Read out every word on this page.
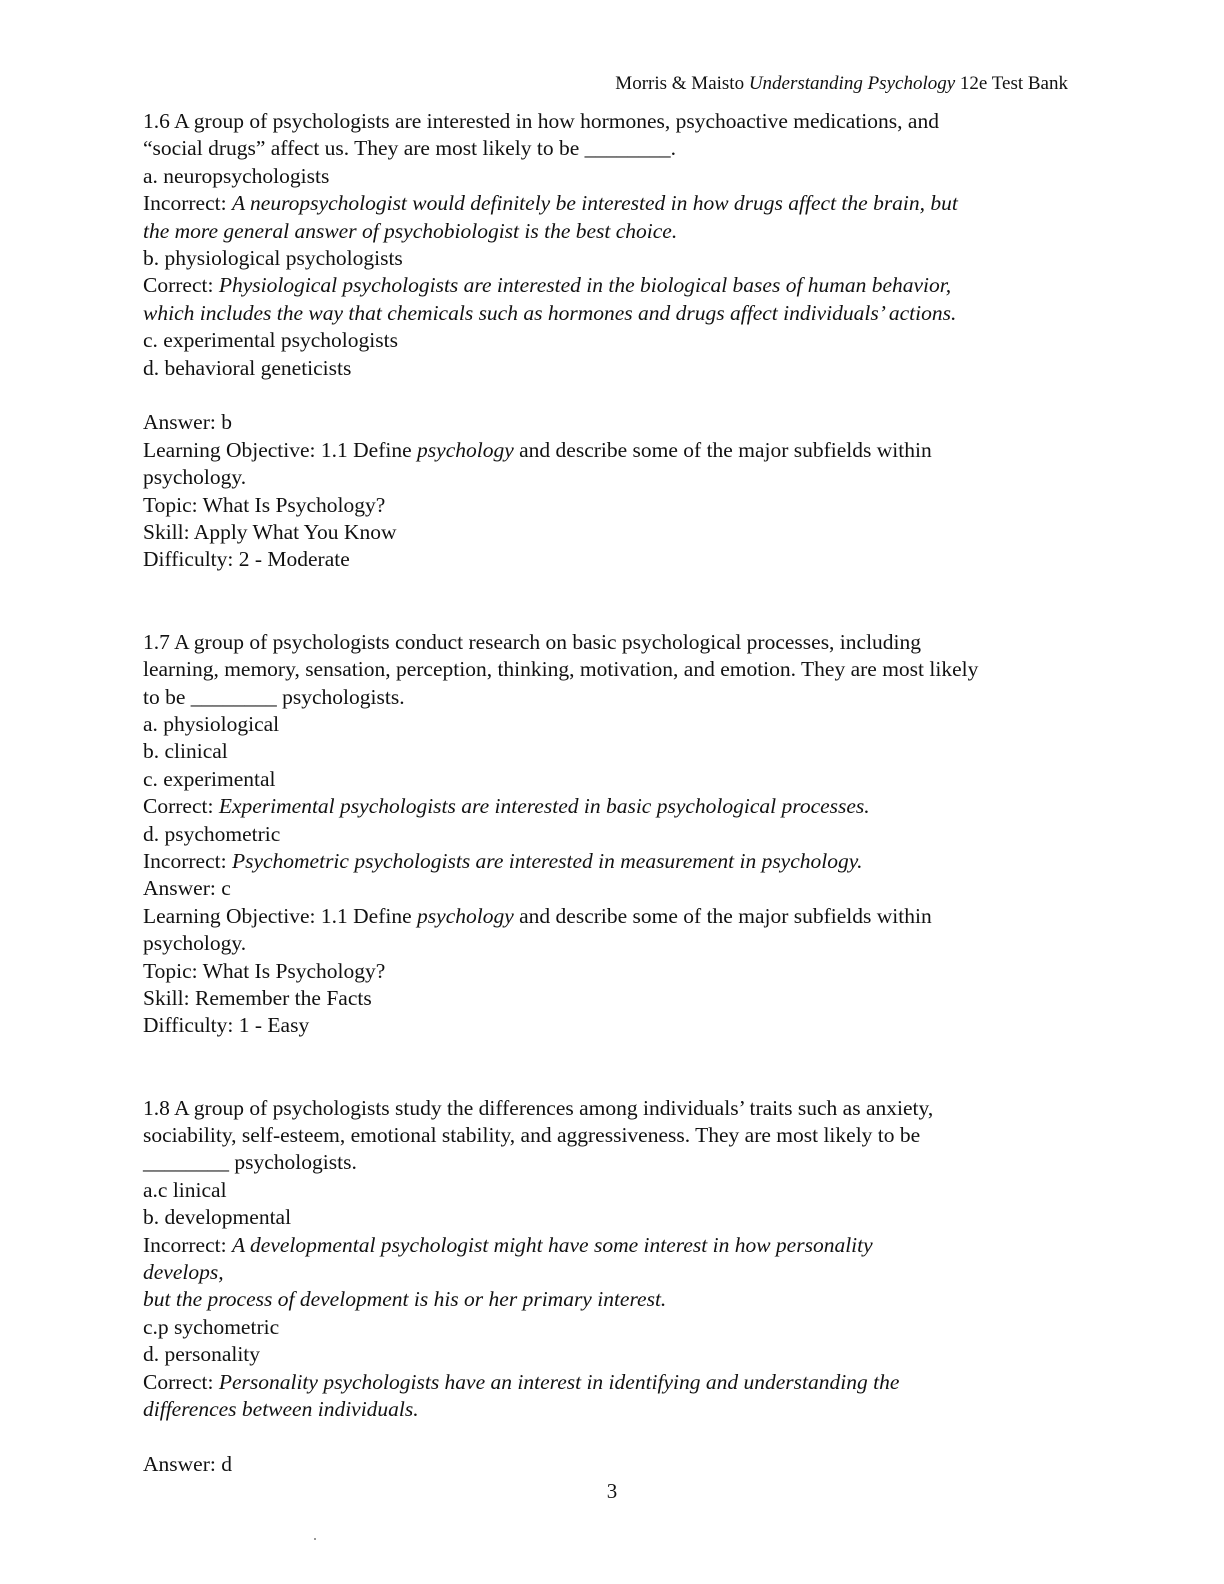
Morris & Maisto Understanding Psychology 12e Test Bank

1.6 A group of psychologists are interested in how hormones, psychoactive medications, and

“social drugs” affect us. They are most likely to be ________.

a. neuropsychologists

Incorrect: A neuropsychologist would definitely be interested in how drugs affect the brain, but

the more general answer of psychobiologist is the best choice.

b. physiological psychologists

Correct: Physiological psychologists are interested in the biological bases of human behavior,

which includes the way that chemicals such as hormones and drugs affect individuals’ actions.

c. experimental psychologists

d. behavioral geneticists

Answer: b

Learning Objective: 1.1 Define psychology and describe some of the major subfields within

psychology.

Topic: What Is Psychology?

Skill: Apply What You Know

Difficulty: 2 - Moderate

1.7 A group of psychologists conduct research on basic psychological processes, including

learning, memory, sensation, perception, thinking, motivation, and emotion. They are most likely

to be ________ psychologists.

a. physiological

b. clinical

c. experimental

Correct: Experimental psychologists are interested in basic psychological processes.

d. psychometric

Incorrect: Psychometric psychologists are interested in measurement in psychology.

Answer: c

Learning Objective: 1.1 Define psychology and describe some of the major subfields within

psychology.

Topic: What Is Psychology?

Skill: Remember the Facts

Difficulty: 1 - Easy

1.8 A group of psychologists study the differences among individuals’ traits such as anxiety,

sociability, self-esteem, emotional stability, and aggressiveness. They are most likely to be

________ psychologists.

a.c linical

b. developmental

Incorrect: A developmental psychologist might have some interest in how personality

develops,

but the process of development is his or her primary interest.

c.p sychometric

d. personality

Correct: Personality psychologists have an interest in identifying and understanding the

differences between individuals.

Answer: d

3
